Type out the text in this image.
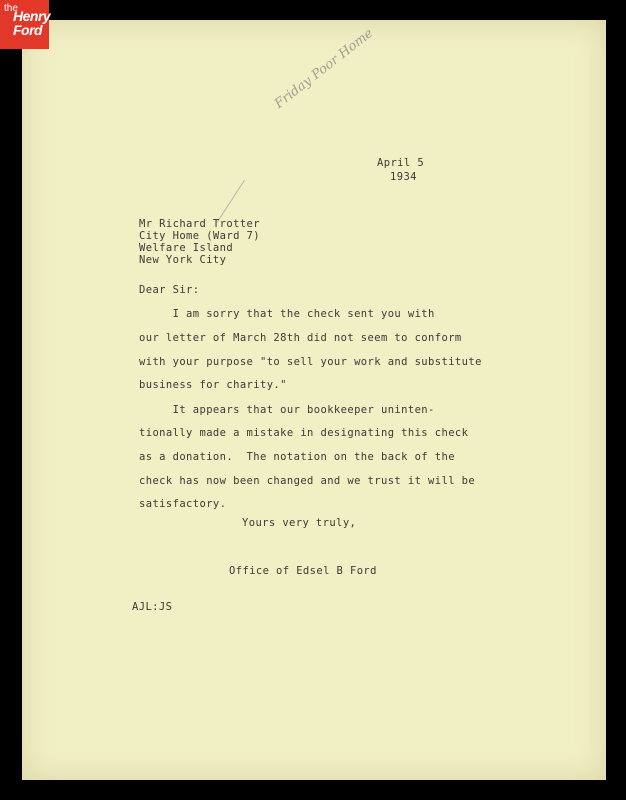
the
Henry
Ford	Friday Poor Home
April 5
1934
Mr Richard Trotter
City Home (Ward 7)
Welfare Island
New York City
Dear Sir:
I am sorry that the check sent you with
our letter of March 28th did not seem to conform
with your purpose "to sell your work and substitute
business for charity."
It appears that our bookkeeper uninten-
tionally made a mistake in designating this check
as a donation.  The notation on the back of the
check has now been changed and we trust it will be
satisfactory.
Yours very truly,
Office of Edsel B Ford
AJL:JS
